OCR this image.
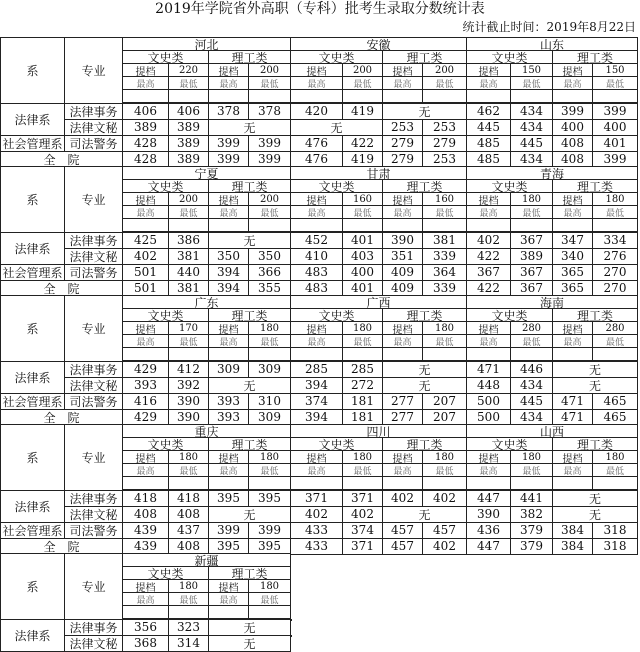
2019年学院省外高职（专科）批考生录取分数统计表
统计截止时间：2019年8月22日
系	专业
河北
文史类	理工类
提档	220	提档	200
最高	最低	最高	最低
安徽
文史类	理工类
提档	200	提档	200
最高	最低	最高	最低
山东
文史类	理工类
提档	150	提档	150
最高	最低	最高	最低
法律系
法律事务	406	406	378	378	420	419	无	462	434	399	399
法律文秘	389	389	无	无	253	253	445	434	400	400
社会管理系 司法警务	428	389	399	399	476	422	279	279	485	445	408	401
全　院	428	389	399	399	476	419	279	253	485	434	408	399
系	专业
宁夏
文史类	理工类
提档	200	提档	200
最高	最低	最高	最低
甘肃
文史类	理工类
提档	160	提档	160
最高	最低	最高	最低
青海
文史类	理工类
提档	180	提档	180
最高	最低	最高	最低
法律系
法律事务	425	386	无	452	401	390	381	402	367	347	334
法律文秘	402	381	350	350	410	403	351	339	422	389	340	276
社会管理系 司法警务	501	440	394	366	483	400	409	364	367	367	365	270
全　院	501	381	394	355	483	401	409	339	422	367	365	270
系	专业
广东
文史类	理工类
提档	170	提档	180
最高	最低	最高	最低
广西
文史类	理工类
提档	180	提档	180
最高	最低	最高	最低
海南
文史类	理工类
提档	280	提档	280
最高	最低	最高	最低
法律系
法律事务	429	412	309	309	285	285	无	471	446	无
法律文秘	393	392	无	394	272	无	448	434	无
社会管理系 司法警务	416	390	393	310	374	181	277	207	500	445	471	465
全　院	429	390	393	309	394	181	277	207	500	434	471	465
系	专业
重庆
文史类	理工类
提档	180	提档	180
最高	最低	最高	最低
四川
文史类	理工类
提档	180	提档	180
最高	最低	最高	最低
山西
文史类	理工类
提档	180	提档	180
最高	最低	最高	最低
法律系
法律事务	418	418	395	395	371	371	402	402	447	441	无
法律文秘	408	408	无	402	402	无	390	382	无
社会管理系 司法警务	439	437	399	399	433	374	457	457	436	379	384	318
全　院	439	408	395	395	433	371	457	402	447	379	384	318
系	专业
新疆
文史类	理工类
提档	180	提档	180
最高	最低	最高	最低
法律系
法律事务	356	323	无
法律文秘	368	314	无
